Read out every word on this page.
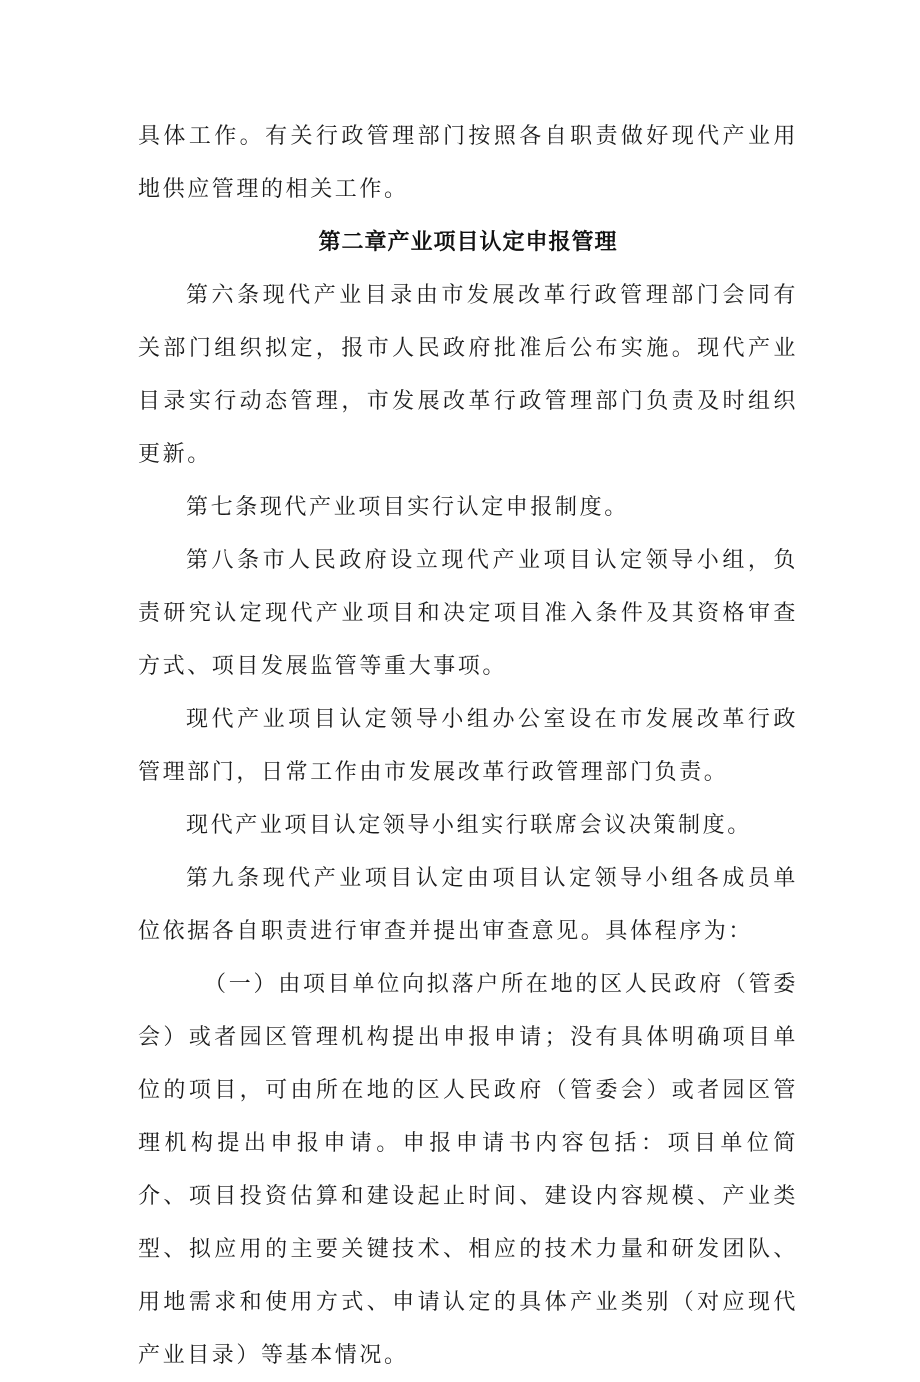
具体工作。有关行政管理部门按照各自职责做好现代产业用地供应管理的相关工作。

第二章产业项目认定申报管理

第六条现代产业目录由市发展改革行政管理部门会同有关部门组织拟定，报市人民政府批准后公布实施。现代产业目录实行动态管理，市发展改革行政管理部门负责及时组织更新。

第七条现代产业项目实行认定申报制度。

第八条市人民政府设立现代产业项目认定领导小组，负责研究认定现代产业项目和决定项目准入条件及其资格审查方式、项目发展监管等重大事项。

现代产业项目认定领导小组办公室设在市发展改革行政管理部门，日常工作由市发展改革行政管理部门负责。

现代产业项目认定领导小组实行联席会议决策制度。

第九条现代产业项目认定由项目认定领导小组各成员单位依据各自职责进行审查并提出审查意见。具体程序为：

（一）由项目单位向拟落户所在地的区人民政府（管委会）或者园区管理机构提出申报申请；没有具体明确项目单位的项目，可由所在地的区人民政府（管委会）或者园区管理机构提出申报申请。申报申请书内容包括：项目单位简介、项目投资估算和建设起止时间、建设内容规模、产业类型、拟应用的主要关键技术、相应的技术力量和研发团队、用地需求和使用方式、申请认定的具体产业类别（对应现代产业目录）等基本情况。
